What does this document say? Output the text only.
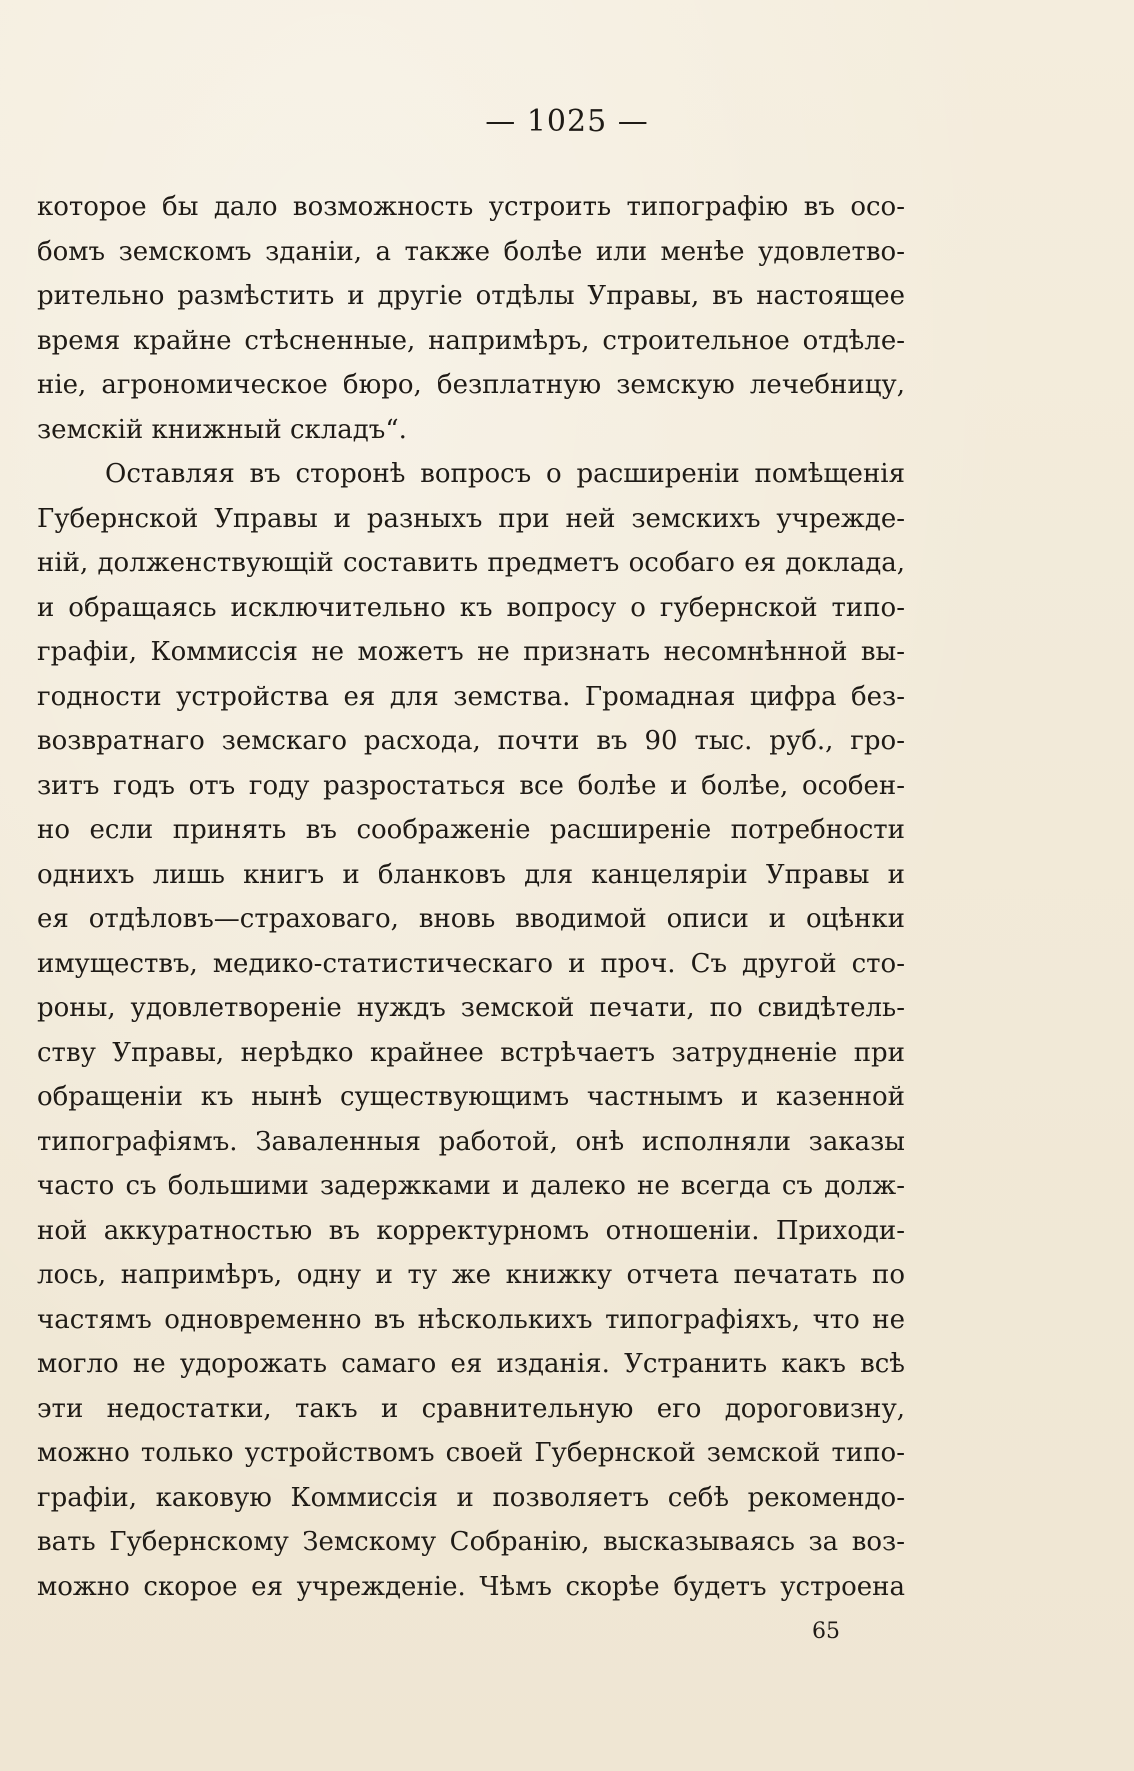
— 1025 —
которое бы дало возможность устроить типографію въ осо-
бомъ земскомъ зданіи, а также болѣе или менѣе удовлетво-
рительно размѣстить и другіе отдѣлы Управы, въ настоящее
время крайне стѣсненные, напримѣръ, строительное отдѣле-
ніе, агрономическое бюро, безплатную земскую лечебницу,
земскій книжный складъ“.
Оставляя въ сторонѣ вопросъ о расширеніи помѣщенія
Губернской Управы и разныхъ при ней земскихъ учрежде-
ній, долженствующій составить предметъ особаго ея доклада,
и обращаясь исключительно къ вопросу о губернской типо-
графіи, Коммиссія не можетъ не признать несомнѣнной вы-
годности устройства ея для земства. Громадная цифра без-
возвратнаго земскаго расхода, почти въ 90 тыс. руб., гро-
зитъ годъ отъ году разростаться все болѣе и болѣе, особен-
но если принять въ соображеніе расширеніе потребности
однихъ лишь книгъ и бланковъ для канцеляріи Управы и
ея отдѣловъ—страховаго, вновь вводимой описи и оцѣнки
имуществъ, медико-статистическаго и проч. Съ другой сто-
роны, удовлетвореніе нуждъ земской печати, по свидѣтель-
ству Управы, нерѣдко крайнее встрѣчаетъ затрудненіе при
обращеніи къ нынѣ существующимъ частнымъ и казенной
типографіямъ. Заваленныя работой, онѣ исполняли заказы
часто съ большими задержками и далеко не всегда съ долж-
ной аккуратностью въ корректурномъ отношеніи. Приходи-
лось, напримѣръ, одну и ту же книжку отчета печатать по
частямъ одновременно въ нѣсколькихъ типографіяхъ, что не
могло не удорожать самаго ея изданія. Устранить какъ всѣ
эти недостатки, такъ и сравнительную его дороговизну,
можно только устройствомъ своей Губернской земской типо-
графіи, каковую Коммиссія и позволяетъ себѣ рекомендо-
вать Губернскому Земскому Собранію, высказываясь за воз-
можно скорое ея учрежденіе. Чѣмъ скорѣе будетъ устроена
65
